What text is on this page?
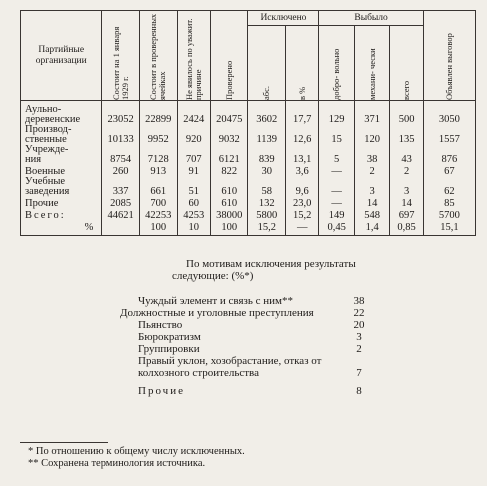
Партийные организации	Состоит на 1 января 1929 г.	Состоит в проверенных ячейках	Не явилось по уважит. причине	Проверено	Исключено		Выбыло			Объявлен выговор

					абс.	в %	добро- вольно	механи- чески	всего	

Аульно-
деревенские	23052	22899	2424	20475	3602	17,7	129	371	500	3050
Производ-
ственные	10133	9952	920	9032	1139	12,6	15	120	135	1557
Учрежде-
ния	8754	7128	707	6121	839	13,1	5	38	43	876
Военные	260	913	91	822	30	3,6	—	2	2	67
Учебные
заведения	337	661	51	610	58	9,6	—	3	3	62
Прочие	2085	700	60	610	132	23,0	—	14	14	85
Всего:	44621	42253	4253	38000	5800	15,2	149	548	697	5700
%		100	10	100	15,2	—	0,45	1,4	0,85	15,1

По мотивам исключения результаты следующие: (%*)

Чуждый элемент и связь с ним**	38
Должностные и уголовные преступления	22
Пьянство	20
Бюрократизм	3
Группировки	2
Правый уклон, хозобрастание, отказ от колхозного строительства	7
Прочие	8
* По отношению к общему числу исключенных.
** Сохранена терминология источника.
